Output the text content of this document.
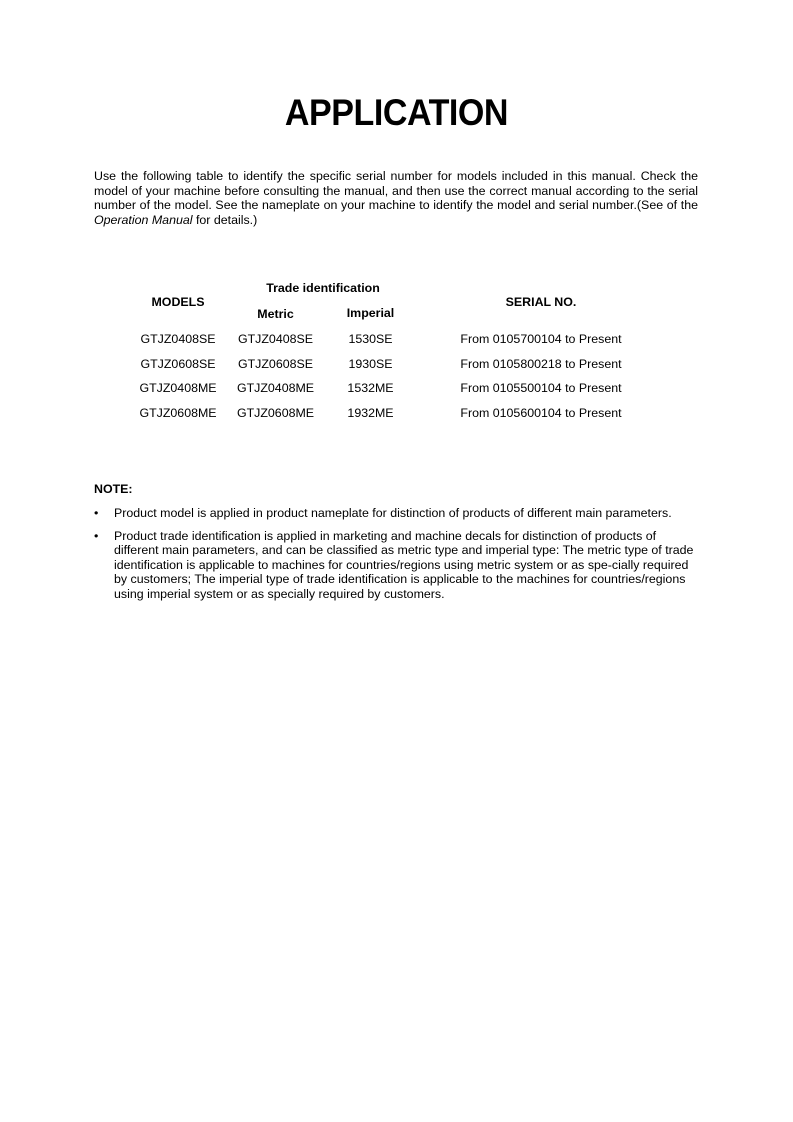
APPLICATION

Use the following table to identify the specific serial number for models included in this manual. Check the model of your machine before consulting the manual, and then use the correct manual according to the serial number of the model. See the nameplate on your machine to identify the model and serial number.(See of the Operation Manual for details.)

MODELS
Trade identification
Metric	Imperial
SERIAL NO.
GTJZ0408SE	GTJZ0408SE	1530SE	From 0105700104 to Present
GTJZ0608SE	GTJZ0608SE	1930SE	From 0105800218 to Present
GTJZ0408ME	GTJZ0408ME	1532ME	From 0105500104 to Present
GTJZ0608ME	GTJZ0608ME	1932ME	From 0105600104 to Present
NOTE:
• Product model is applied in product nameplate for distinction of products of different main parameters.
• Product trade identification is applied in marketing and machine decals for distinction of products of different main parameters, and can be classified as metric type and imperial type: The metric type of trade identification is applicable to machines for countries/regions using metric system or as spe-cially required by customers; The imperial type of trade identification is applicable to the machines for countries/regions using imperial system or as specially required by customers.
